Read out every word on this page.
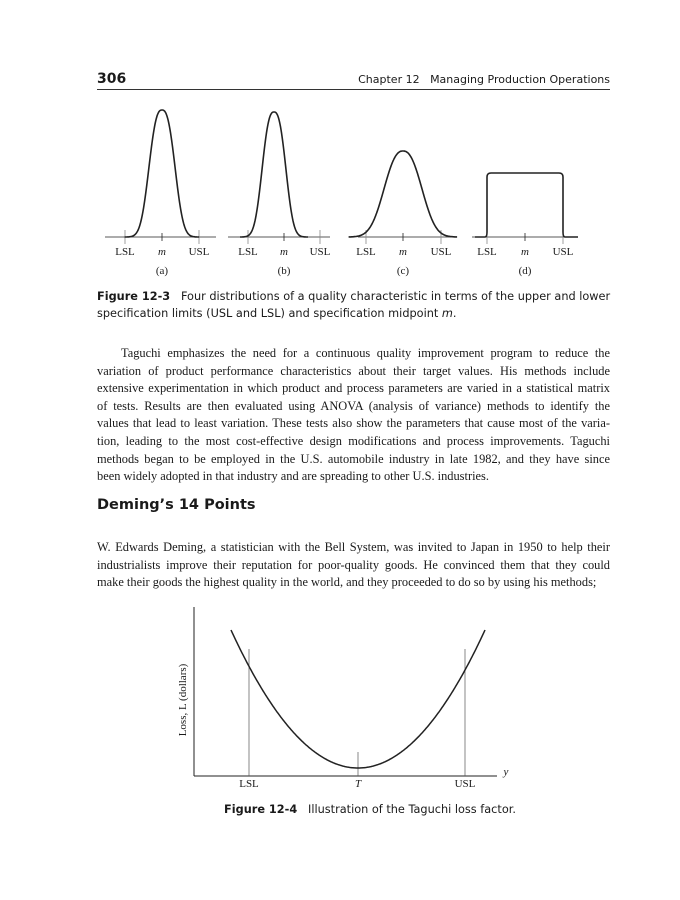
306	Chapter 12   Managing Production Operations
LSL m USL
(a)
LSL m USL
(b)
LSL m USL
(c)
LSL m USL
(d)
Figure 12-3 Four distributions of a quality characteristic in terms of the upper and lower
specification limits (USL and LSL) and specification midpoint m.
Taguchi emphasizes the need for a continuous quality improvement program to reduce the
variation of product performance characteristics about their target values. His methods include
extensive experimentation in which product and process parameters are varied in a statistical matrix
of tests. Results are then evaluated using ANOVA (analysis of variance) methods to identify the
values that lead to least variation. These tests also show the parameters that cause most of the varia-
tion, leading to the most cost-effective design modifications and process improvements. Taguchi
methods began to be employed in the U.S. automobile industry in late 1982, and they have since
been widely adopted in that industry and are spreading to other U.S. industries.
Deming’s 14 Points
W. Edwards Deming, a statistician with the Bell System, was invited to Japan in 1950 to help their
industrialists improve their reputation for poor-quality goods. He convinced them that they could
make their goods the highest quality in the world, and they proceeded to do so by using his methods;
Loss, L (dollars)
y
LSL	T	USL
Figure 12-4 Illustration of the Taguchi loss factor.
